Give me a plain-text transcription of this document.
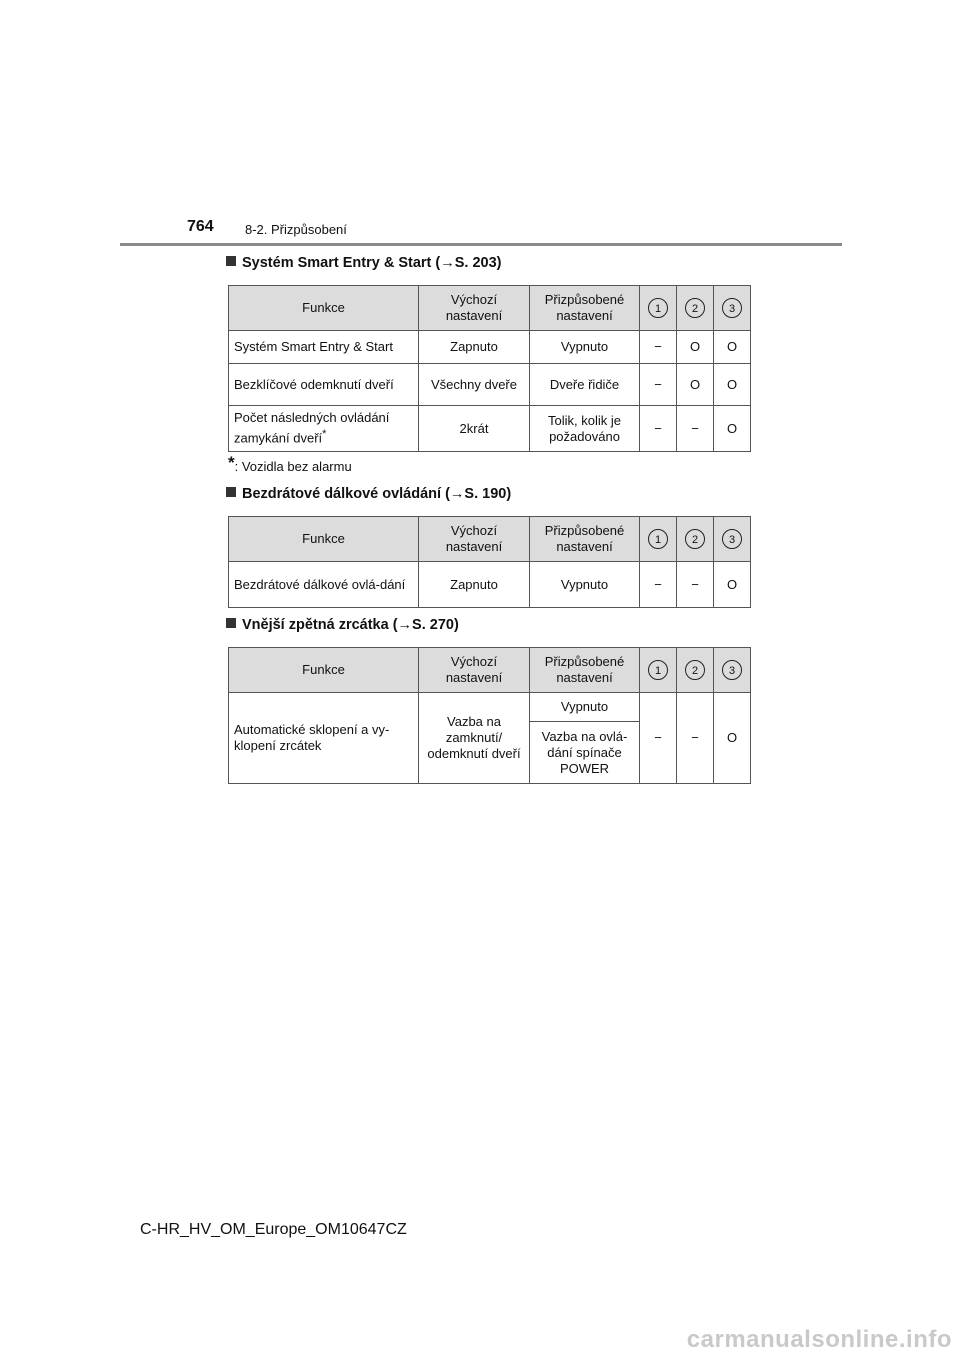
764 8-2. Přizpůsobení
Systém Smart Entry & Start (→S. 203)
Funkce	Výchozí nastavení	Přizpůsobené nastavení	1	2	3
Systém Smart Entry & Start	Zapnuto	Vypnuto	−	O	O
Bezklíčové odemknutí dveří	Všechny dveře	Dveře řidiče	−	O	O
Počet následných ovládání zamykání dveří*	2krát	Tolik, kolik je požadováno	−	−	O
*: Vozidla bez alarmu
Bezdrátové dálkové ovládání (→S. 190)
Funkce	Výchozí nastavení	Přizpůsobené nastavení	1	2	3
Bezdrátové dálkové ovlá-dání	Zapnuto	Vypnuto	−	−	O
Vnější zpětná zrcátka (→S. 270)
Funkce	Výchozí nastavení	Přizpůsobené nastavení	1	2	3
Automatické sklopení a vy-klopení zrcátek	Vazba na zamknutí/ odemknutí dveří	Vypnuto	−	−	O
		Vazba na ovlá-dání spínače POWER			
C-HR_HV_OM_Europe_OM10647CZ
carmanualsonline.info
